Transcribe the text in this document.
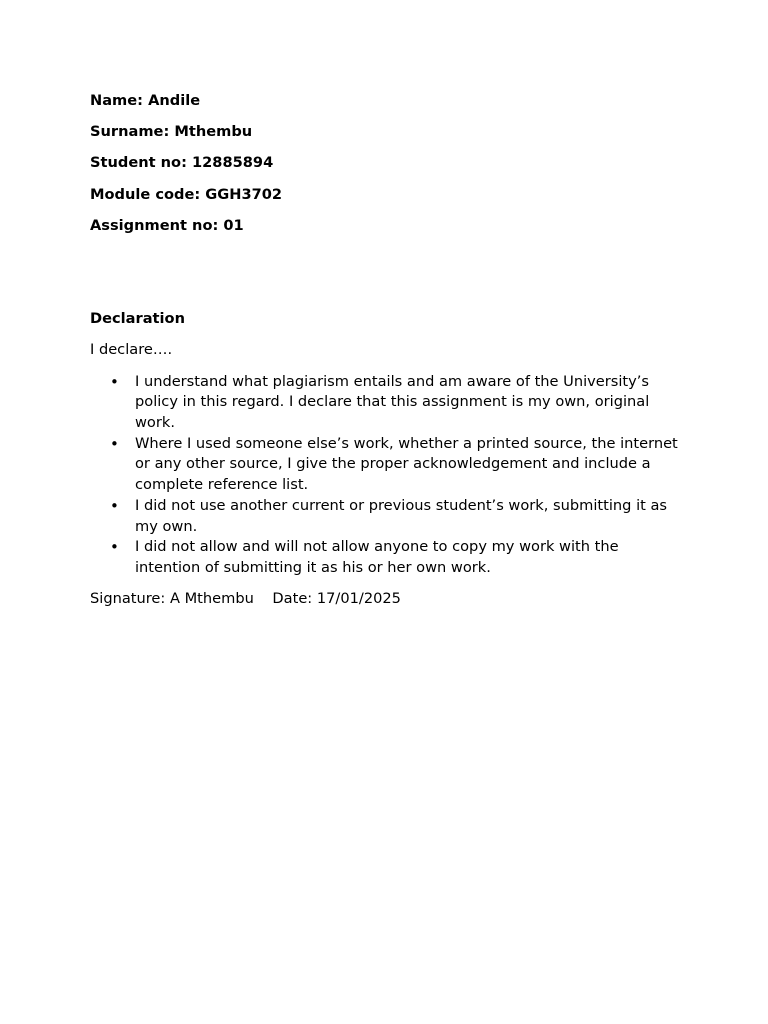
Name: Andile
Surname: Mthembu
Student no: 12885894
Module code: GGH3702
Assignment no: 01
Declaration
I declare….
• I understand what plagiarism entails and am aware of the University’s policy in this regard. I declare that this assignment is my own, original work.
• Where I used someone else’s work, whether a printed source, the internet or any other source, I give the proper acknowledgement and include a complete reference list.
• I did not use another current or previous student’s work, submitting it as my own.
• I did not allow and will not allow anyone to copy my work with the intention of submitting it as his or her own work.
Signature: A Mthembu Date: 17/01/2025
